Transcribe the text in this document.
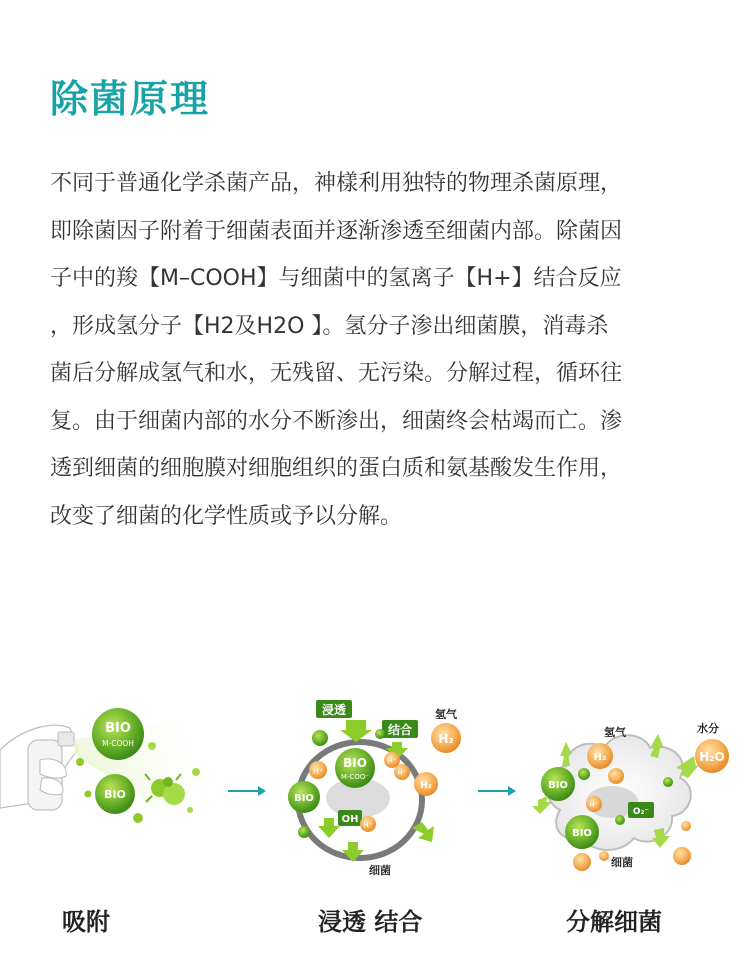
除菌原理
不同于普通化学杀菌产品，神樣利用独特的物理杀菌原理，
即除菌因子附着于细菌表面并逐渐渗透至细菌内部。除菌因
子中的羧【M–COOH】与细菌中的氢离子【H+】结合反应
，形成氢分子【H2及H2O 】。氢分子渗出细菌膜，消毒杀
菌后分解成氢气和水，无残留、无污染。分解过程，循环往
复。由于细菌内部的水分不断渗出，细菌终会枯竭而亡。渗
透到细菌的细胞膜对细胞组织的蛋白质和氨基酸发生作用，
改变了细菌的化学性质或予以分解。
BIO
M-COOH
BIO
浸透
结合
氢气
H₂
BIO
M-COO⁻
BIO
H⁺
H⁺
H⁺
H₂
OH H⁺
细菌
氢气	水分
H₂	H₂O
BIO
BIO
H⁺
O₂⁻
细菌
吸附	浸透 结合	分解细菌
